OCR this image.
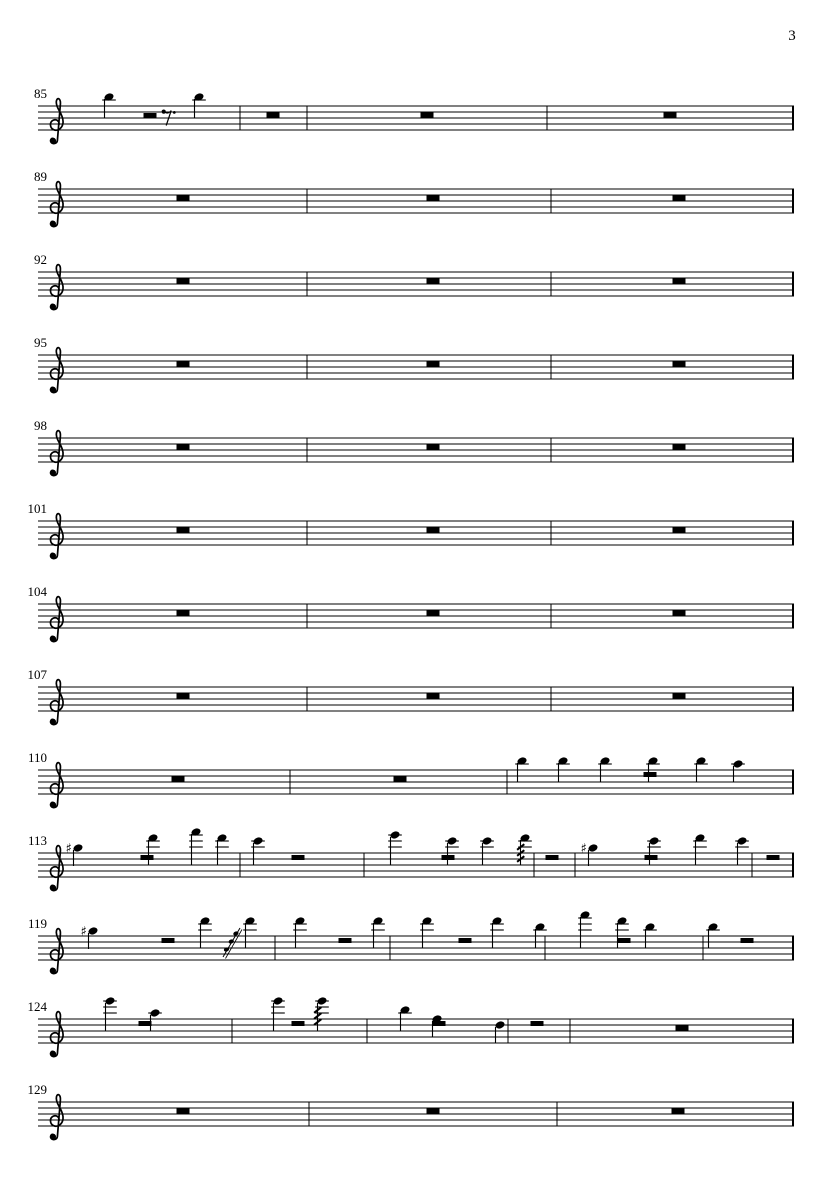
3
85
89
92
95
98
101
104
107
110
113
♯	♯
119
♯
124
129
